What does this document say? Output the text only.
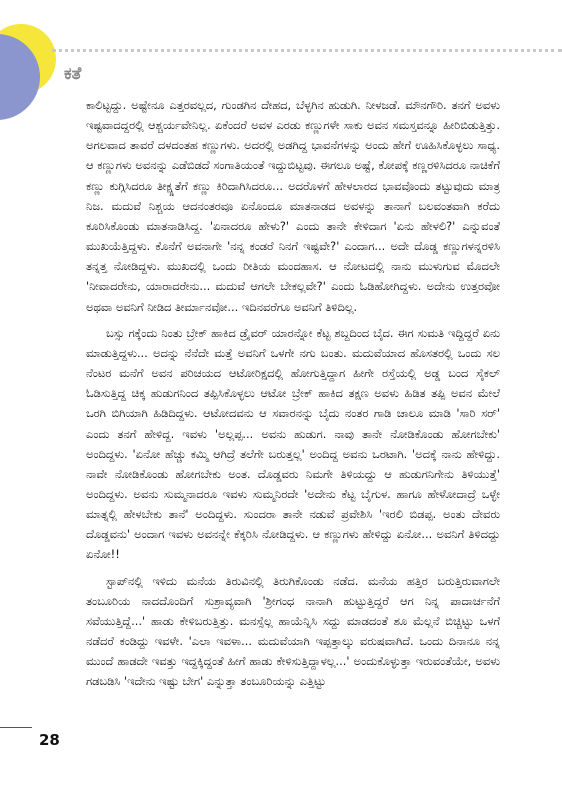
ಕತೆ

ಕಾಲಿಟ್ಟದ್ದು. ಅಷ್ಟೇನೂ ಎತ್ತರವಲ್ಲದ, ಗುಂಡಗಿನ ದೇಹದ, ಬೆಳ್ಳಗಿನ ಹುಡುಗಿ. ನೀಳಜಡೆ. ಮೌನಗೌರಿ. ತನಗೆ ಅವಳು ಇಷ್ಟವಾದದ್ದರಲ್ಲಿ ಆಶ್ಚರ್ಯವೇನಿಲ್ಲ. ಏಕೆಂದರೆ ಅವಳ ಎರಡು ಕಣ್ಣುಗಳೇ ಸಾಕು ಅವನ ಸಮಸ್ತವನ್ನೂ ಹೀರಿಬಿಡುತ್ತಿತ್ತು. ಅಗಲವಾದ ತಾವರೆ ದಳದಂತಹ ಕಣ್ಣುಗಳು. ಅದರಲ್ಲಿ ಅಡಗಿದ್ದ ಭಾವನೆಗಳನ್ನು ಅಂದು ಹೇಗೆ ಊಹಿಸಿಕೊಳ್ಳಲು ಸಾಧ್ಯ. ಆ ಕಣ್ಣುಗಳು ಅವನನ್ನು ಎಡೆಬಿಡದೆ ಸಂಗಾತಿಯಂತೆ ಇದ್ದುಬಿಟ್ಟವು. ಈಗಲೂ ಅಷ್ಟೆ, ಕೋಪಕ್ಕೆ ಕಣ್ಣರಳಿಸಿದರೂ ನಾಚಿಕೆಗೆ ಕಣ್ಣು ಕುಗ್ಗಿಸಿದರೂ ತೀಕ್ಷ್ಣತೆಗೆ ಕಣ್ಣು ಕಿರಿದಾಗಿಸಿದರೂ... ಅದರೊಳಗೆ ಹೇಳಲಾರದ ಭಾವವೊಂದು ತಟ್ಟುವುದು ಮಾತ್ರ ನಿಜ. ಮದುವೆ ನಿಶ್ಚಯ ಆದನಂತರವೂ ಏನೊಂದೂ ಮಾತನಾಡದ ಅವಳನ್ನು ತಾನಾಗೆ ಬಲವಂತವಾಗಿ ಕರೆದು ಕೂರಿಸಿಕೊಂಡು ಮಾತನಾಡಿಸಿದ್ದ. 'ಏನಾದರೂ ಹೇಳು?' ಎಂದು ತಾನೇ ಕೇಳಿದಾಗ 'ಏನು ಹೇಳಲಿ?' ಎನ್ನುವಂತೆ ಮುಖಯೆತ್ತಿದ್ದಳು. ಕೊನೆಗೆ ಅವನಾಗೇ 'ನನ್ನ ಕಂಡರೆ ನಿನಗೆ ಇಷ್ಟವೇ?' ಎಂದಾಗ... ಅದೇ ದೊಡ್ಡ ಕಣ್ಣುಗಳನ್ನರಳಿಸಿ ತನ್ನತ್ತ ನೋಡಿದ್ದಳು. ಮುಖದಲ್ಲಿ ಒಂದು ರೀತಿಯ ಮಂದಹಾಸ. ಆ ನೋಟದಲ್ಲಿ ನಾನು ಮುಳುಗುವ ಮೊದಲೇ 'ನೀವಾದರೇನು, ಯಾರಾದರೇನು... ಮದುವೆ ಆಗಲೇ ಬೇಕಲ್ಲವೇ?' ಎಂದು ಓಡಿಹೋಗಿದ್ದಳು. ಅದೇನು ಉತ್ತರವೋ ಅಥವಾ ಅವನಿಗೆ ನೀಡಿದ ತೀರ್ಮಾನವೋ... ಇದಿನವರೆಗೂ ಅವನಿಗೆ ತಿಳಿದಿಲ್ಲ.

ಬಸ್ಸು ಗಕ್ಕೆಂದು ನಿಂತು ಬ್ರೇಕ್ ಹಾಕಿದ ಡ್ರೈವರ್ ಯಾರನ್ನೋ ಕೆಟ್ಟ ಶಬ್ದದಿಂದ ಬೈದ. ಈಗ ಸುಮತಿ ಇದ್ದಿದ್ದರೆ ಏನು ಮಾಡುತ್ತಿದ್ದಳು... ಅದನ್ನು ನೆನೆದೇ ಮತ್ತೆ ಅವನಿಗೆ ಒಳಗೇ ನಗು ಬಂತು. ಮದುವೆಯಾದ ಹೊಸತರಲ್ಲಿ ಒಂದು ಸಲ ನೆಂಟರ ಮನೆಗೆ ಅವನ ಪರಿಚಯದ ಆಟೋರಿಕ್ಷದಲ್ಲಿ ಹೋಗುತ್ತಿದ್ದಾಗ ಹೀಗೇ ರಸ್ತೆಯಲ್ಲಿ ಅಡ್ಡ ಬಂದ ಸೈಕಲ್ ಓಡಿಸುತ್ತಿದ್ದ ಚಿಕ್ಕ ಹುಡುಗನಿಂದ ತಪ್ಪಿಸಿಕೊಳ್ಳಲು ಆಟೋ ಬ್ರೇಕ್ ಹಾಕಿದ ತಕ್ಷಣ ಅವಳು ಹಿಡಿತ ತಪ್ಪಿ ಅವನ ಮೇಲೆ ಒರಗಿ ಬಿಗಿಯಾಗಿ ಹಿಡಿದಿದ್ದಳು. ಆಟೋದವನು ಆ ಸವಾರನನ್ನು ಬೈದು ನಂತರ ಗಾಡಿ ಚಾಲೂ ಮಾಡಿ 'ಸಾರಿ ಸರ್' ಎಂದು ತನಗೆ ಹೇಳಿದ್ದ. ಇವಳು 'ಅಲ್ಲಪ್ಪ... ಅವನು ಹುಡುಗ. ನಾವು ತಾನೇ ನೋಡಿಕೊಂಡು ಹೋಗಬೇಕು' ಅಂದಿದ್ದಳು. 'ಏನೋ ಹೆಚ್ಚು ಕಮ್ಮಿ ಆಗಿದ್ರೆ ತಲೆಗೇ ಬರುತ್ತಲ್ಲ' ಅಂದಿದ್ದ ಅವನು ಒರಟಾಗಿ. 'ಅದಕ್ಕೆ ನಾನು ಹೇಳಿದ್ದು. ನಾವೇ ನೋಡಿಕೊಂಡು ಹೋಗಬೇಕು ಅಂತ. ದೊಡ್ಡವರು ನಿಮಗೇ ತಿಳಿಯದ್ದು ಆ ಹುಡುಗನಿಗೇನು ತಿಳಿಯುತ್ತೆ' ಅಂದಿದ್ದಳು. ಅವನು ಸುಮ್ಮನಾದರೂ ಇವಳು ಸುಮ್ಮನಿರದೇ 'ಅದೇನು ಕೆಟ್ಟ ಬೈಗುಳ. ಹಾಗೂ ಹೇಳೋದಾದ್ರೆ ಒಳ್ಳೇ ಮಾತ್ನಲ್ಲಿ ಹೇಳಬೇಕು ತಾನೆ' ಅಂದಿದ್ದಳು. ಸುಂದರಾ ತಾನೇ ನಡುವೆ ಪ್ರವೇಶಿಸಿ 'ಇರಲಿ ಬಿಡಪ್ಪ. ಅಂತು ದೇವರು ದೊಡ್ಡವನು' ಅಂದಾಗ ಇವಳು ಅವನನ್ನೇ ಕೆಕ್ಕರಿಸಿ ನೋಡಿದ್ದಳು. ಆ ಕಣ್ಣುಗಳು ಹೇಳಿದ್ದು ಏನೋ... ಅವನಿಗೆ ತಿಳಿದದ್ದು ಏನೋ!!

ಸ್ಟಾಪ್‌ನಲ್ಲಿ ಇಳಿದು ಮನೆಯ ತಿರುವಿನಲ್ಲಿ ತಿರುಗಿಕೊಂಡು ನಡೆದ. ಮನೆಯ ಹತ್ತಿರ ಬರುತ್ತಿರುವಾಗಲೇ ತಂಬೂರಿಯ ನಾದದೊಂದಿಗೆ ಸುಶ್ರಾವ್ಯವಾಗಿ 'ಶ್ರೀಗಂಧ ನಾನಾಗಿ ಹುಟ್ಟುತ್ತಿದ್ದರೆ ಆಗ ನಿನ್ನ ಪಾದಾರ್ಚನೆಗೆ ಸವೆಯುತ್ತಿದ್ದೆ...' ಹಾಡು ಕೇಳಿಬರುತ್ತಿತ್ತು. ಮನಸ್ಸೆಲ್ಲ ಹಾಯೆನ್ನಿಸಿ ಸದ್ದು ಮಾಡದಂತೆ ಶೂ ಮೆಲ್ಲನೆ ಬಿಚ್ಚಿಟ್ಟು ಒಳಗೆ ನಡೆದರೆ ಕಂಡಿದ್ದು ಇವಳೇ. 'ಎಲಾ ಇವಳಾ... ಮದುವೆಯಾಗಿ ಇಪ್ಪತ್ತಾಲ್ಕು ವರುಷವಾಗಿದೆ. ಒಂದು ದಿನಾನೂ ನನ್ನ ಮುಂದೆ ಹಾಡದೇ ಇವತ್ತು ಇದ್ದಕ್ಕಿದ್ದಂತೆ ಹೀಗೆ ಹಾಡು ಕೇಳಿಸುತ್ತಿದ್ದಾಳಲ್ಲ...' ಅಂದುಕೊಳ್ಳುತ್ತಾ ಇರುವಂತೆಯೇ, ಅವಳು ಗಡಬಡಿಸಿ 'ಇದೇನು ಇಷ್ಟು ಬೇಗ' ಎನ್ನುತ್ತಾ ತಂಬೂರಿಯನ್ನು ಎತ್ತಿಟ್ಟು

28
